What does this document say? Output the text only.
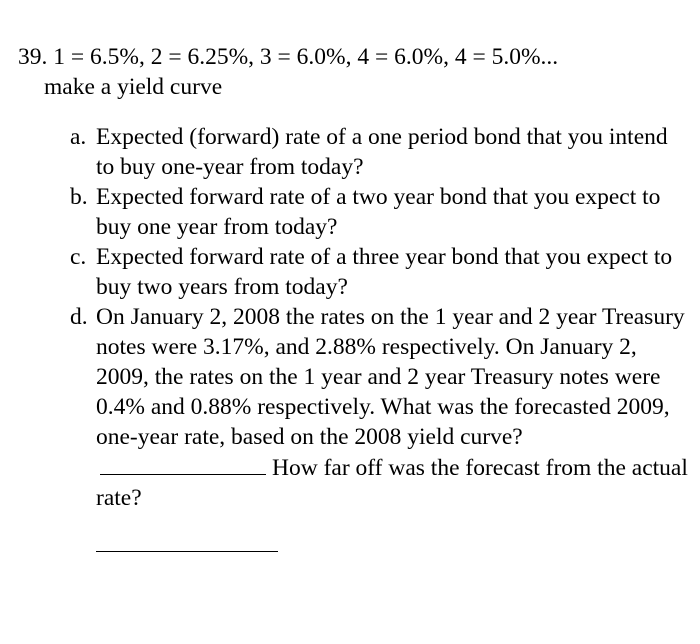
39. 1 = 6.5%, 2 = 6.25%, 3 = 6.0%, 4 = 6.0%, 4 = 5.0%...
make a yield curve

a. Expected (forward) rate of a one period bond that you intend to buy one-year from today?
b. Expected forward rate of a two year bond that you expect to buy one year from today?
c. Expected forward rate of a three year bond that you expect to buy two years from today?
d. On January 2, 2008 the rates on the 1 year and 2 year Treasury notes were 3.17%, and 2.88% respectively. On January 2, 2009, the rates on the 1 year and 2 year Treasury notes were 0.4% and 0.88% respectively. What was the forecasted 2009, one-year rate, based on the 2008 yield curve?How far off was the forecast from the actual rate?
